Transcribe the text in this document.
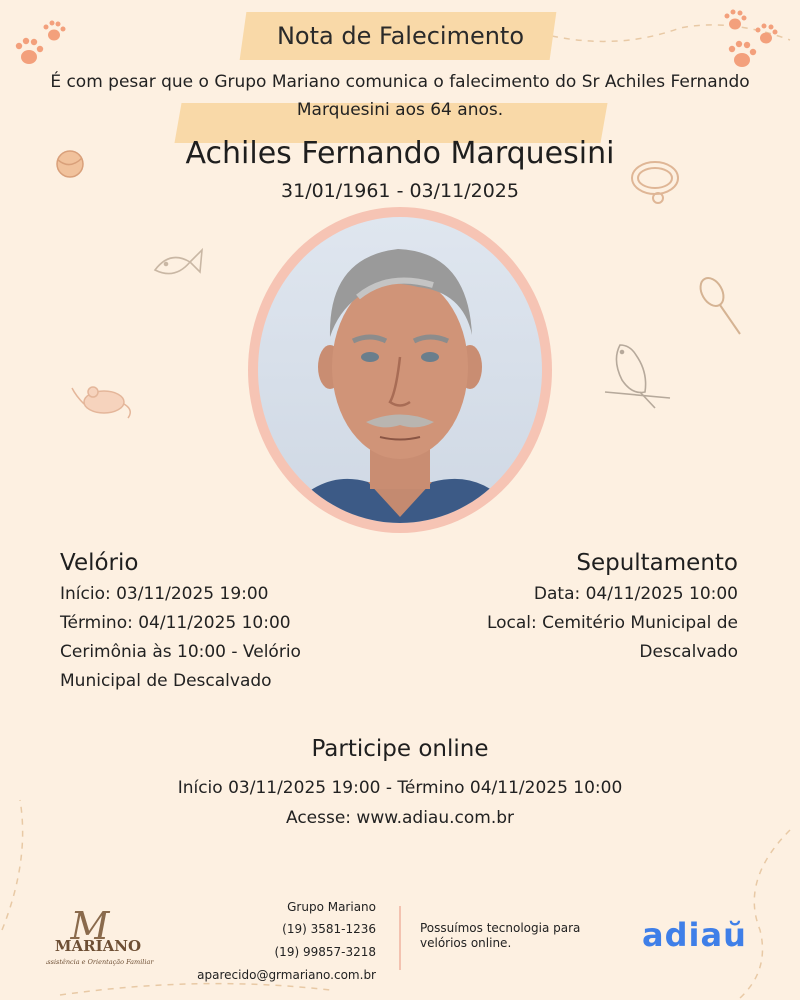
Nota de Falecimento
É com pesar que o Grupo Mariano comunica o falecimento do Sr Achiles Fernando
Marquesini aos 64 anos.
Achiles Fernando Marquesini
31/01/1961 - 03/11/2025
Velório
Início: 03/11/2025 19:00
Término: 04/11/2025 10:00
Cerimônia às 10:00 - Velório
Municipal de Descalvado
Sepultamento
Data: 04/11/2025 10:00
Local: Cemitério Municipal de
Descalvado
Participe online
Início 03/11/2025 19:00 - Término 04/11/2025 10:00
Acesse: www.adiau.com.br
M
MARIANO
Assistência e Orientação Familiar
Grupo Mariano
(19) 3581-1236
(19) 99857-3218
aparecido@grmariano.com.br
Possuímos tecnologia para velórios online.	adiaŭ
